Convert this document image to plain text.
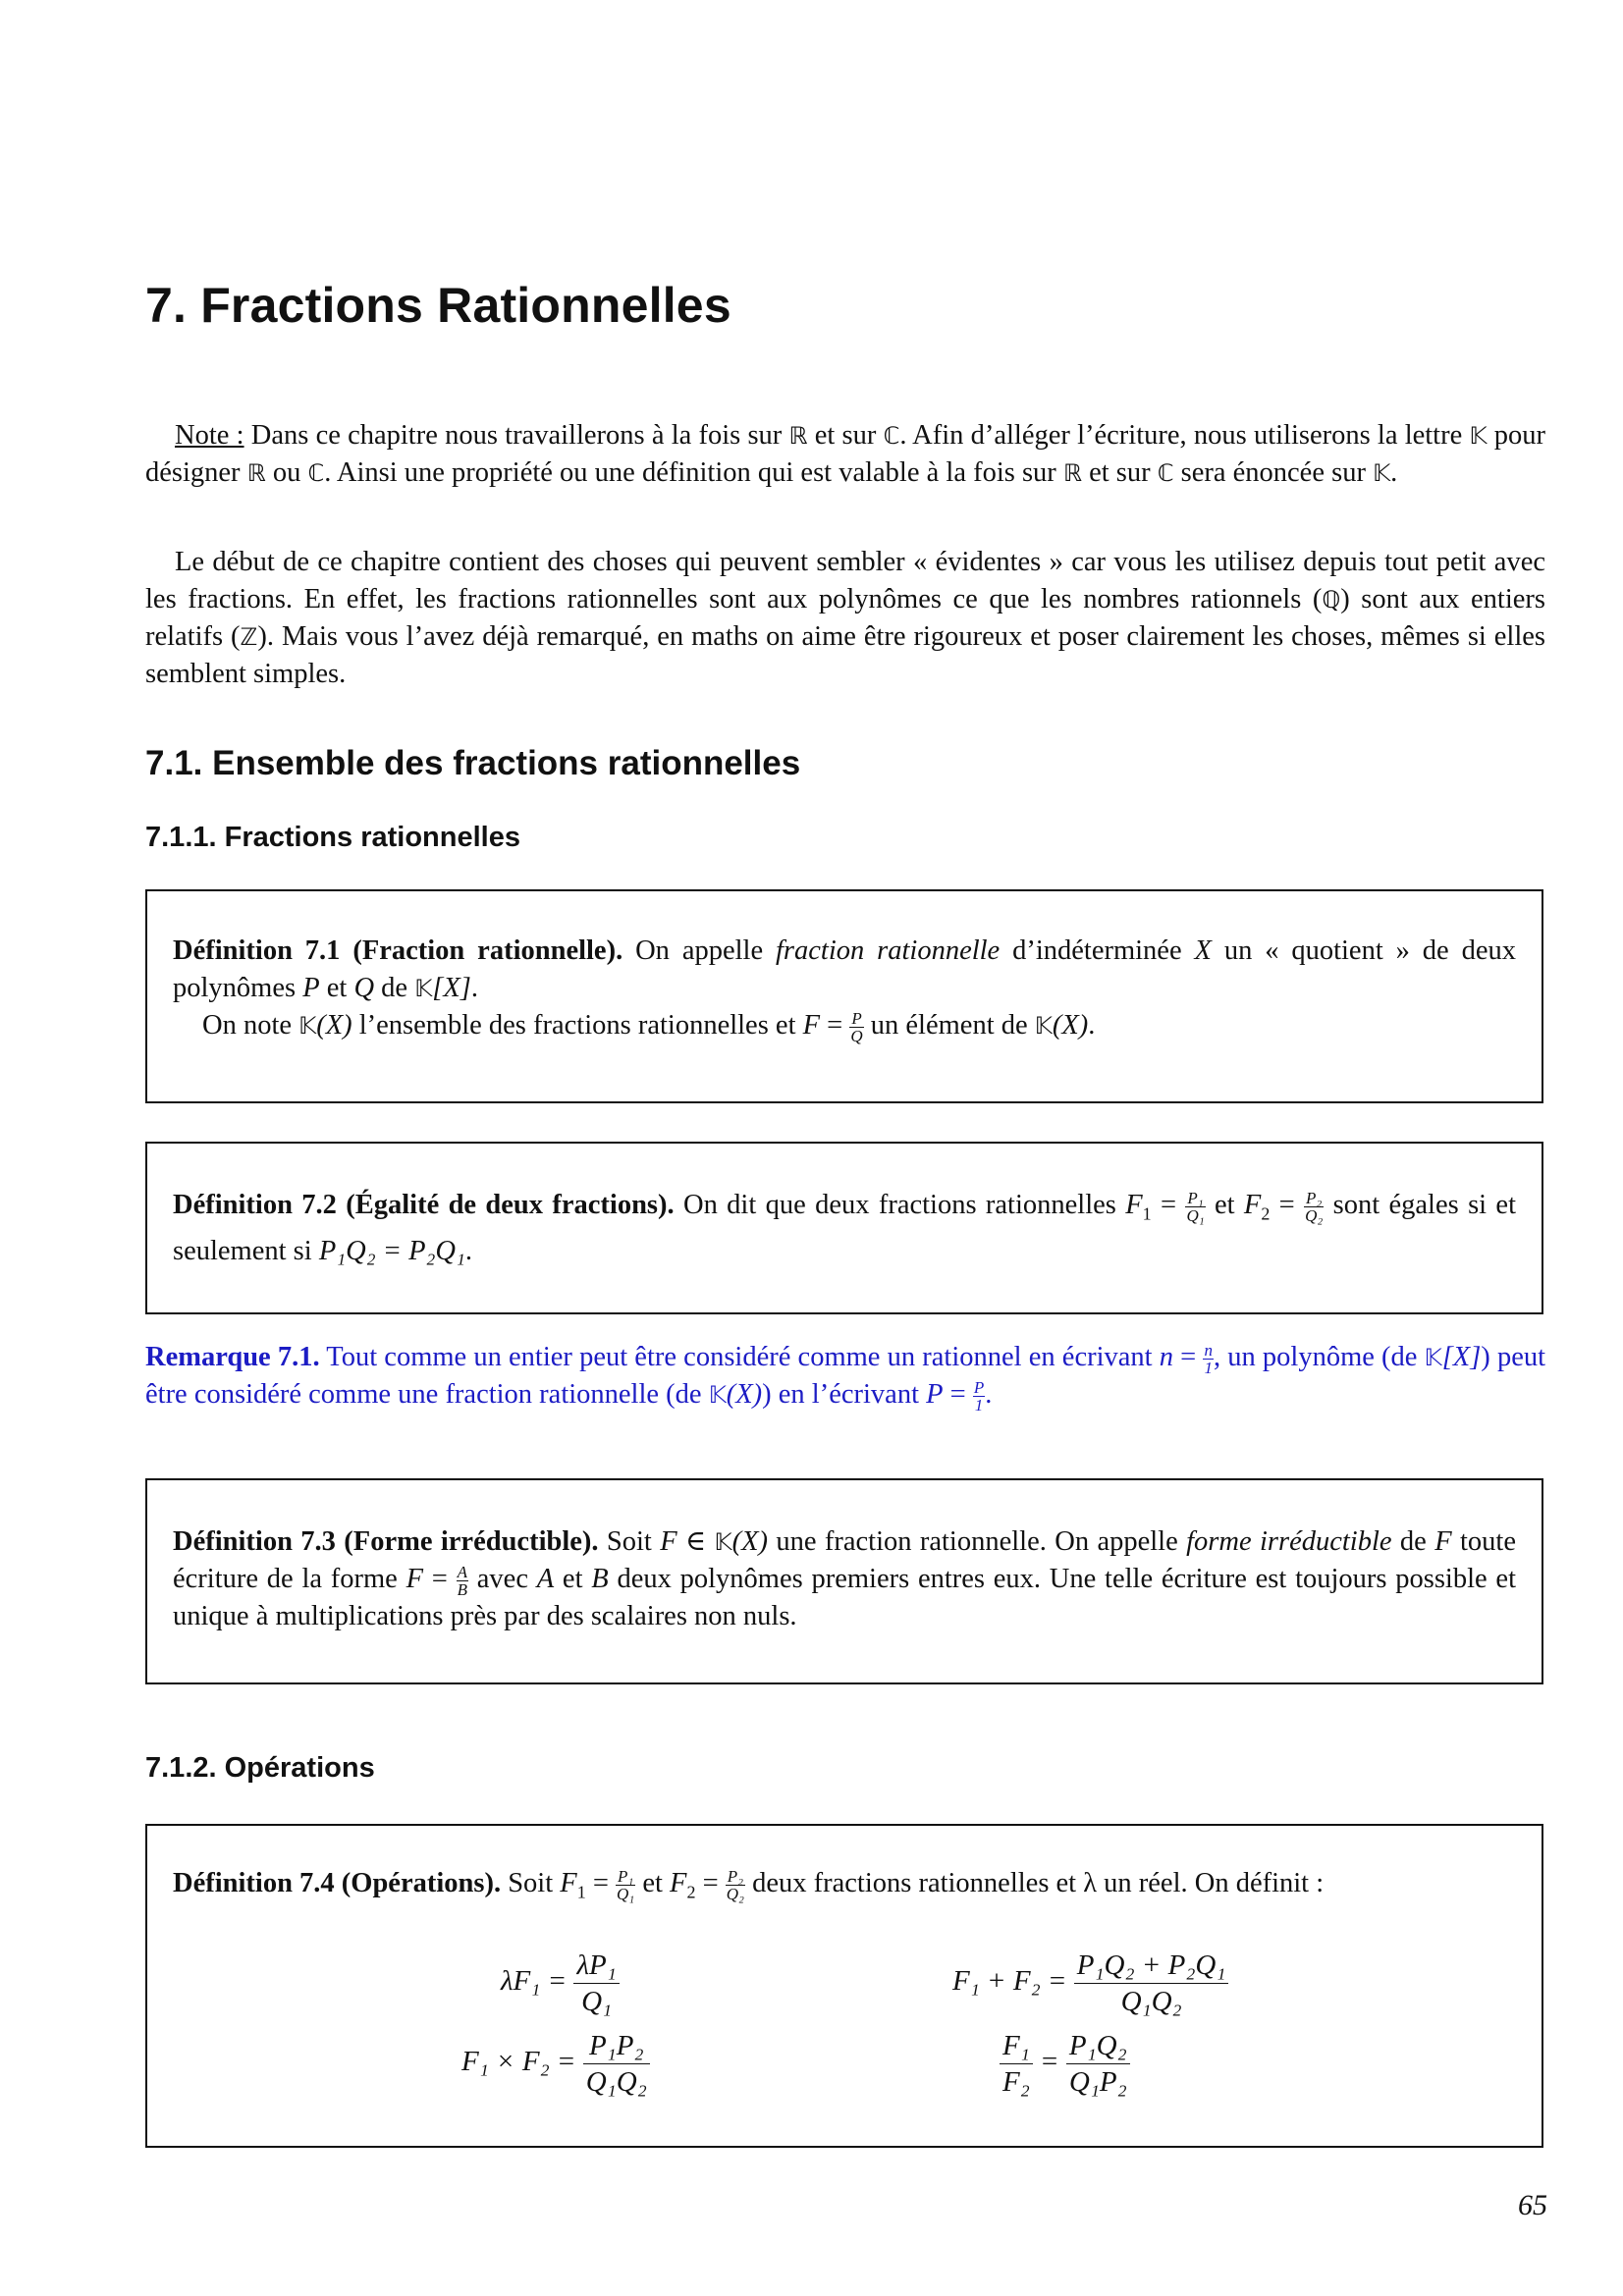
7. Fractions Rationnelles

Note : Dans ce chapitre nous travaillerons à la fois sur ℝ et sur ℂ. Afin d’alléger l’écriture, nous utiliserons la lettre 𝕂 pour désigner ℝ ou ℂ. Ainsi une propriété ou une définition qui est valable à la fois sur ℝ et sur ℂ sera énoncée sur 𝕂.

Le début de ce chapitre contient des choses qui peuvent sembler « évidentes » car vous les utilisez depuis tout petit avec les fractions. En effet, les fractions rationnelles sont aux polynômes ce que les nombres rationnels (ℚ) sont aux entiers relatifs (ℤ). Mais vous l’avez déjà remarqué, en maths on aime être rigoureux et poser clairement les choses, mêmes si elles semblent simples.

7.1. Ensemble des fractions rationnelles
7.1.1. Fractions rationnelles
Définition 7.1 (Fraction rationnelle). On appelle fraction rationnelle d’indéterminée X un « quotient » de deux polynômes P et Q de 𝕂[X].
On note 𝕂(X) l’ensemble des fractions rationnelles et $F = \frac{P}{Q}$ un élément de 𝕂(X).
Définition 7.2 (Égalité de deux fractions). On dit que deux fractions rationnelles $F_1 = \frac{\text{P₁}}{\text{Q₁}}$ et $F_2 = \frac{\text{P₂}}{\text{Q₂}}$ sont égales si et seulement si P₁Q₂ = P₂Q₁.

Remarque 7.1. Tout comme un entier peut être considéré comme un rationnel en écrivant $n = \frac{n}{1}$ , un polynôme (de 𝕂[X]) peut être considéré comme une fraction rationnelle (de 𝕂(X)) en l’écrivant $P = \frac{P}{1}$ .

Définition 7.3 (Forme irréductible). Soit F ∈ 𝕂(X) une fraction rationnelle. On appelle forme irréductible de F toute écriture de la forme $F = \frac{A}{B}$ avec A et B deux polynômes premiers entres eux. Une telle écriture est toujours possible et unique à multiplications près par des scalaires non nuls.
7.1.2. Opérations
Définition 7.4 (Opérations). Soit $F_1 = \frac{\text{P₁}}{\text{Q₁}}$ et $F_2 = \frac{\text{P₂}}{\text{Q₂}}$ deux fractions rationnelles et λ un réel. On définit :
$\lambda F_1 = \frac{\text{λP₁}}{\text{Q₁}}$	$F_1 + F_2 = \frac{\text{P₁Q₂ + P₂Q₁}}{\text{Q₁Q₂}}$
$F_1 \times F_2 = \frac{\text{P₁P₂}}{\text{Q₁Q₂}}$	$\frac{\text{F₁}}{\text{F₂}} = \frac{\text{P₁Q₂}}{\text{Q₁P₂}}$
65
